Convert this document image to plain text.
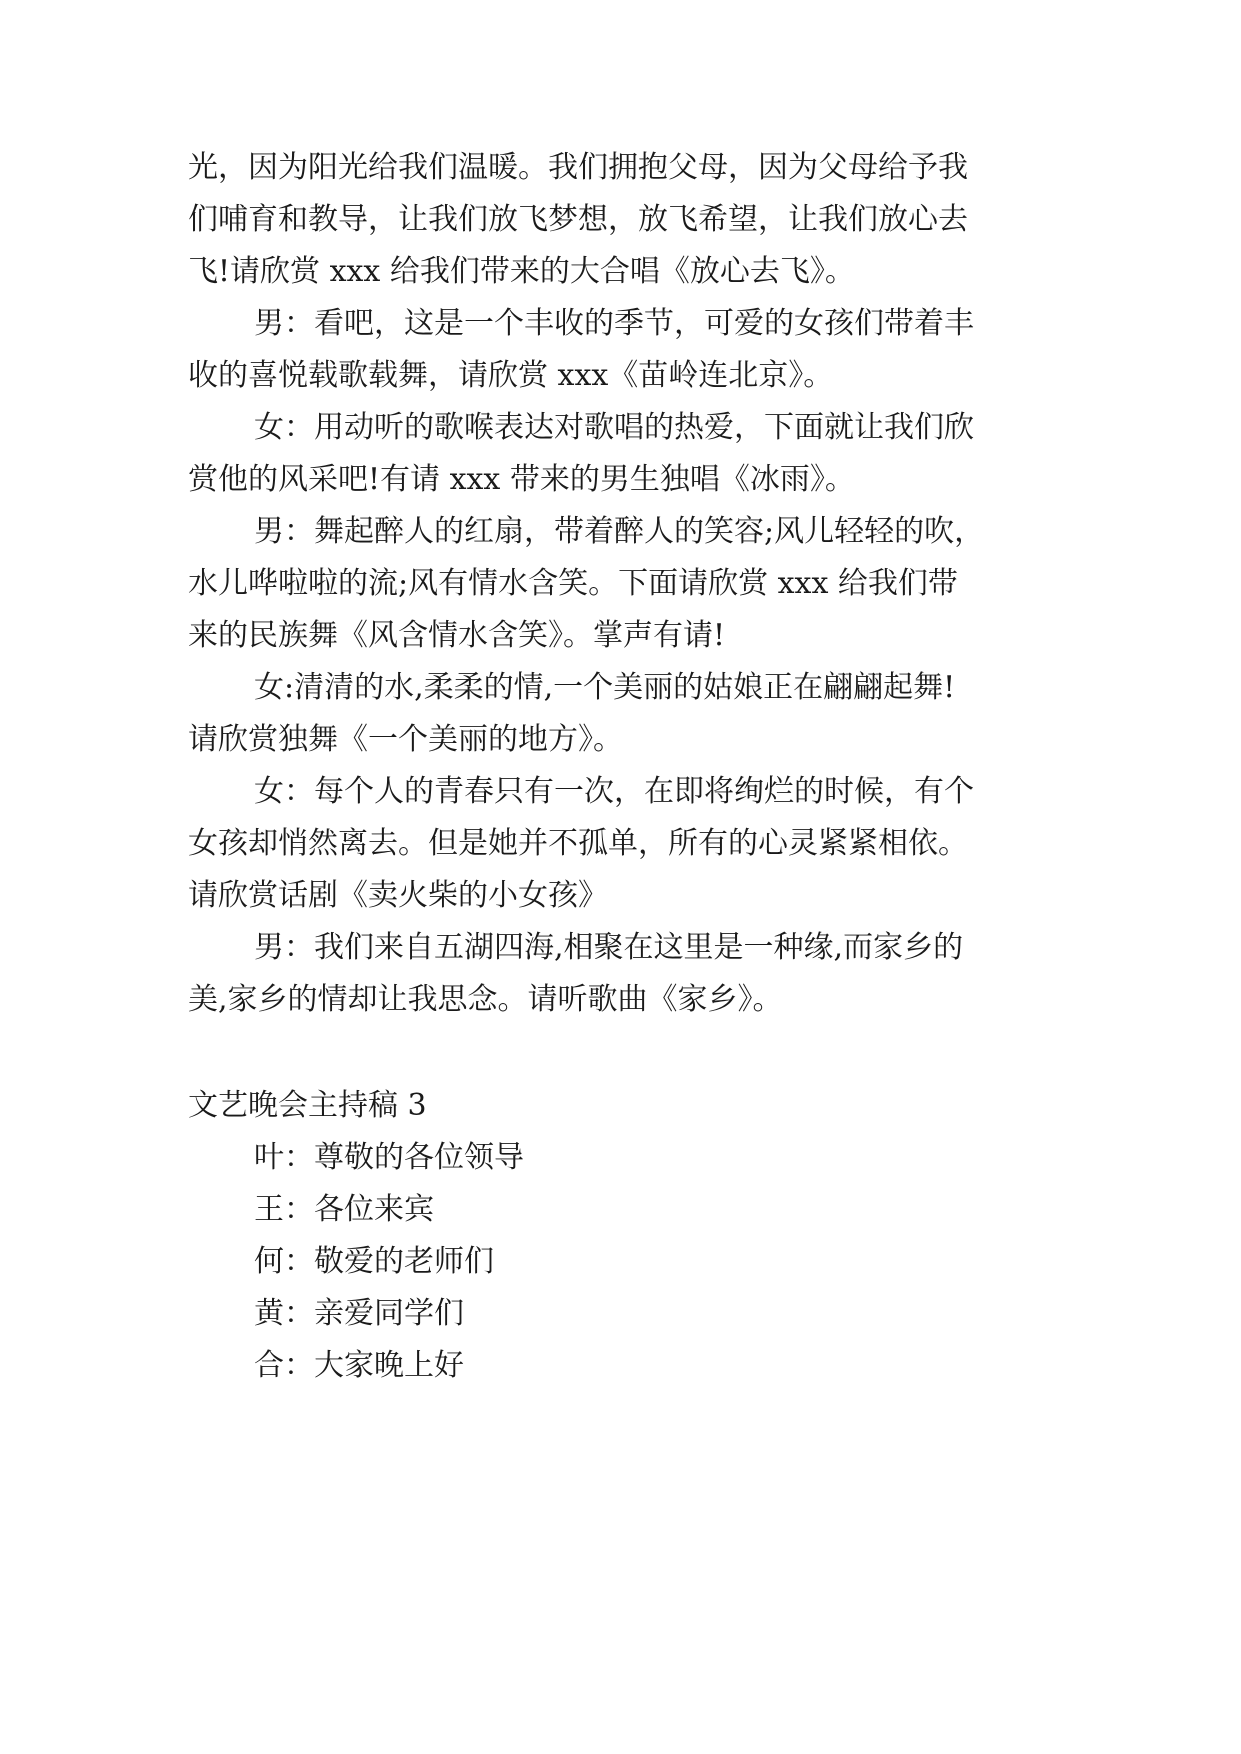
光，因为阳光给我们温暖。我们拥抱父母，因为父母给予我

们哺育和教导，让我们放飞梦想，放飞希望，让我们放心去

飞!请欣赏 xxx 给我们带来的大合唱《放心去飞》。

男：看吧，这是一个丰收的季节，可爱的女孩们带着丰

收的喜悦载歌载舞，请欣赏 xxx《苗岭连北京》。

女：用动听的歌喉表达对歌唱的热爱，下面就让我们欣

赏他的风采吧!有请 xxx 带来的男生独唱《冰雨》。

男：舞起醉人的红扇，带着醉人的笑容;风儿轻轻的吹，

水儿哗啦啦的流;风有情水含笑。下面请欣赏 xxx 给我们带

来的民族舞《风含情水含笑》。掌声有请!

女:清清的水,柔柔的情,一个美丽的姑娘正在翩翩起舞!

请欣赏独舞《一个美丽的地方》。

女：每个人的青春只有一次，在即将绚烂的时候，有个

女孩却悄然离去。但是她并不孤单，所有的心灵紧紧相依。

请欣赏话剧《卖火柴的小女孩》

男：我们来自五湖四海,相聚在这里是一种缘,而家乡的

美,家乡的情却让我思念。请听歌曲《家乡》。

文艺晚会主持稿 3

叶：尊敬的各位领导

王：各位来宾

何：敬爱的老师们

黄：亲爱同学们

合：大家晚上好
